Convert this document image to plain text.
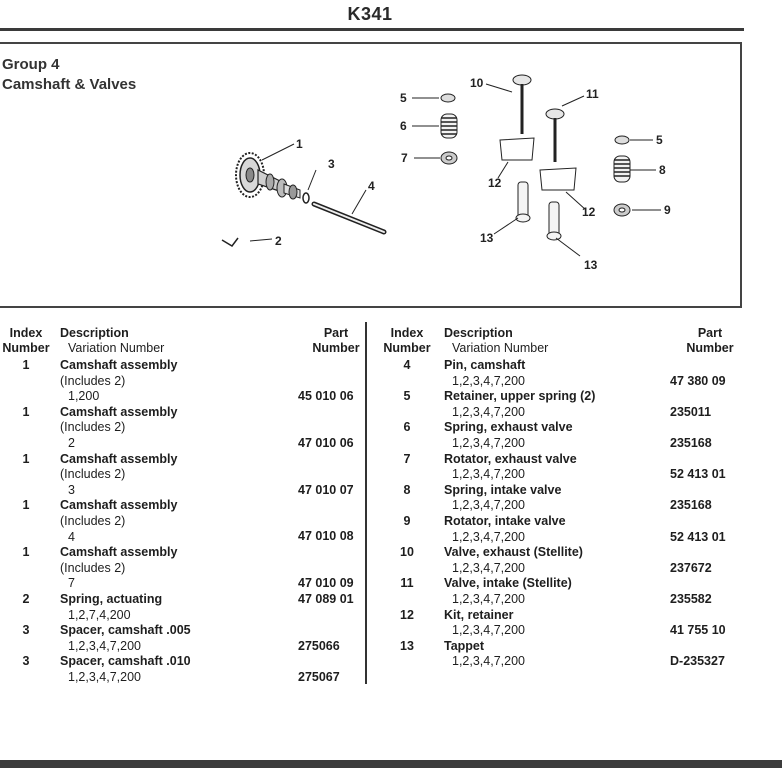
K341
Group 4
Camshaft & Valves
1
2
3
4
5
6
7
5
8
9
10
11
12
12
13
13
Index
Number	Description
Variation Number	Part
Number

1	Camshaft assembly
(Includes 2)
1,200	45 010 06
1	Camshaft assembly
(Includes 2)
2	47 010 06
1	Camshaft assembly
(Includes 2)
3	47 010 07
1	Camshaft assembly
(Includes 2)
4	47 010 08
1	Camshaft assembly
(Includes 2)
7	47 010 09
2	Spring, actuating
1,2,7,4,200	47 089 01
3	Spacer, camshaft .005
1,2,3,4,7,200	275066
3	Spacer, camshaft .010
1,2,3,4,7,200	275067
Index
Number	Description
Variation Number	Part
Number

4	Pin, camshaft
1,2,3,4,7,200	47 380 09
5	Retainer, upper spring (2)
1,2,3,4,7,200	235011
6	Spring, exhaust valve
1,2,3,4,7,200	235168
7	Rotator, exhaust valve
1,2,3,4,7,200	52 413 01
8	Spring, intake valve
1,2,3,4,7,200	235168
9	Rotator, intake valve
1,2,3,4,7,200	52 413 01
10	Valve, exhaust (Stellite)
1,2,3,4,7,200	237672
11	Valve, intake (Stellite)
1,2,3,4,7,200	235582
12	Kit, retainer
1,2,3,4,7,200	41 755 10
13	Tappet
1,2,3,4,7,200	D-235327
